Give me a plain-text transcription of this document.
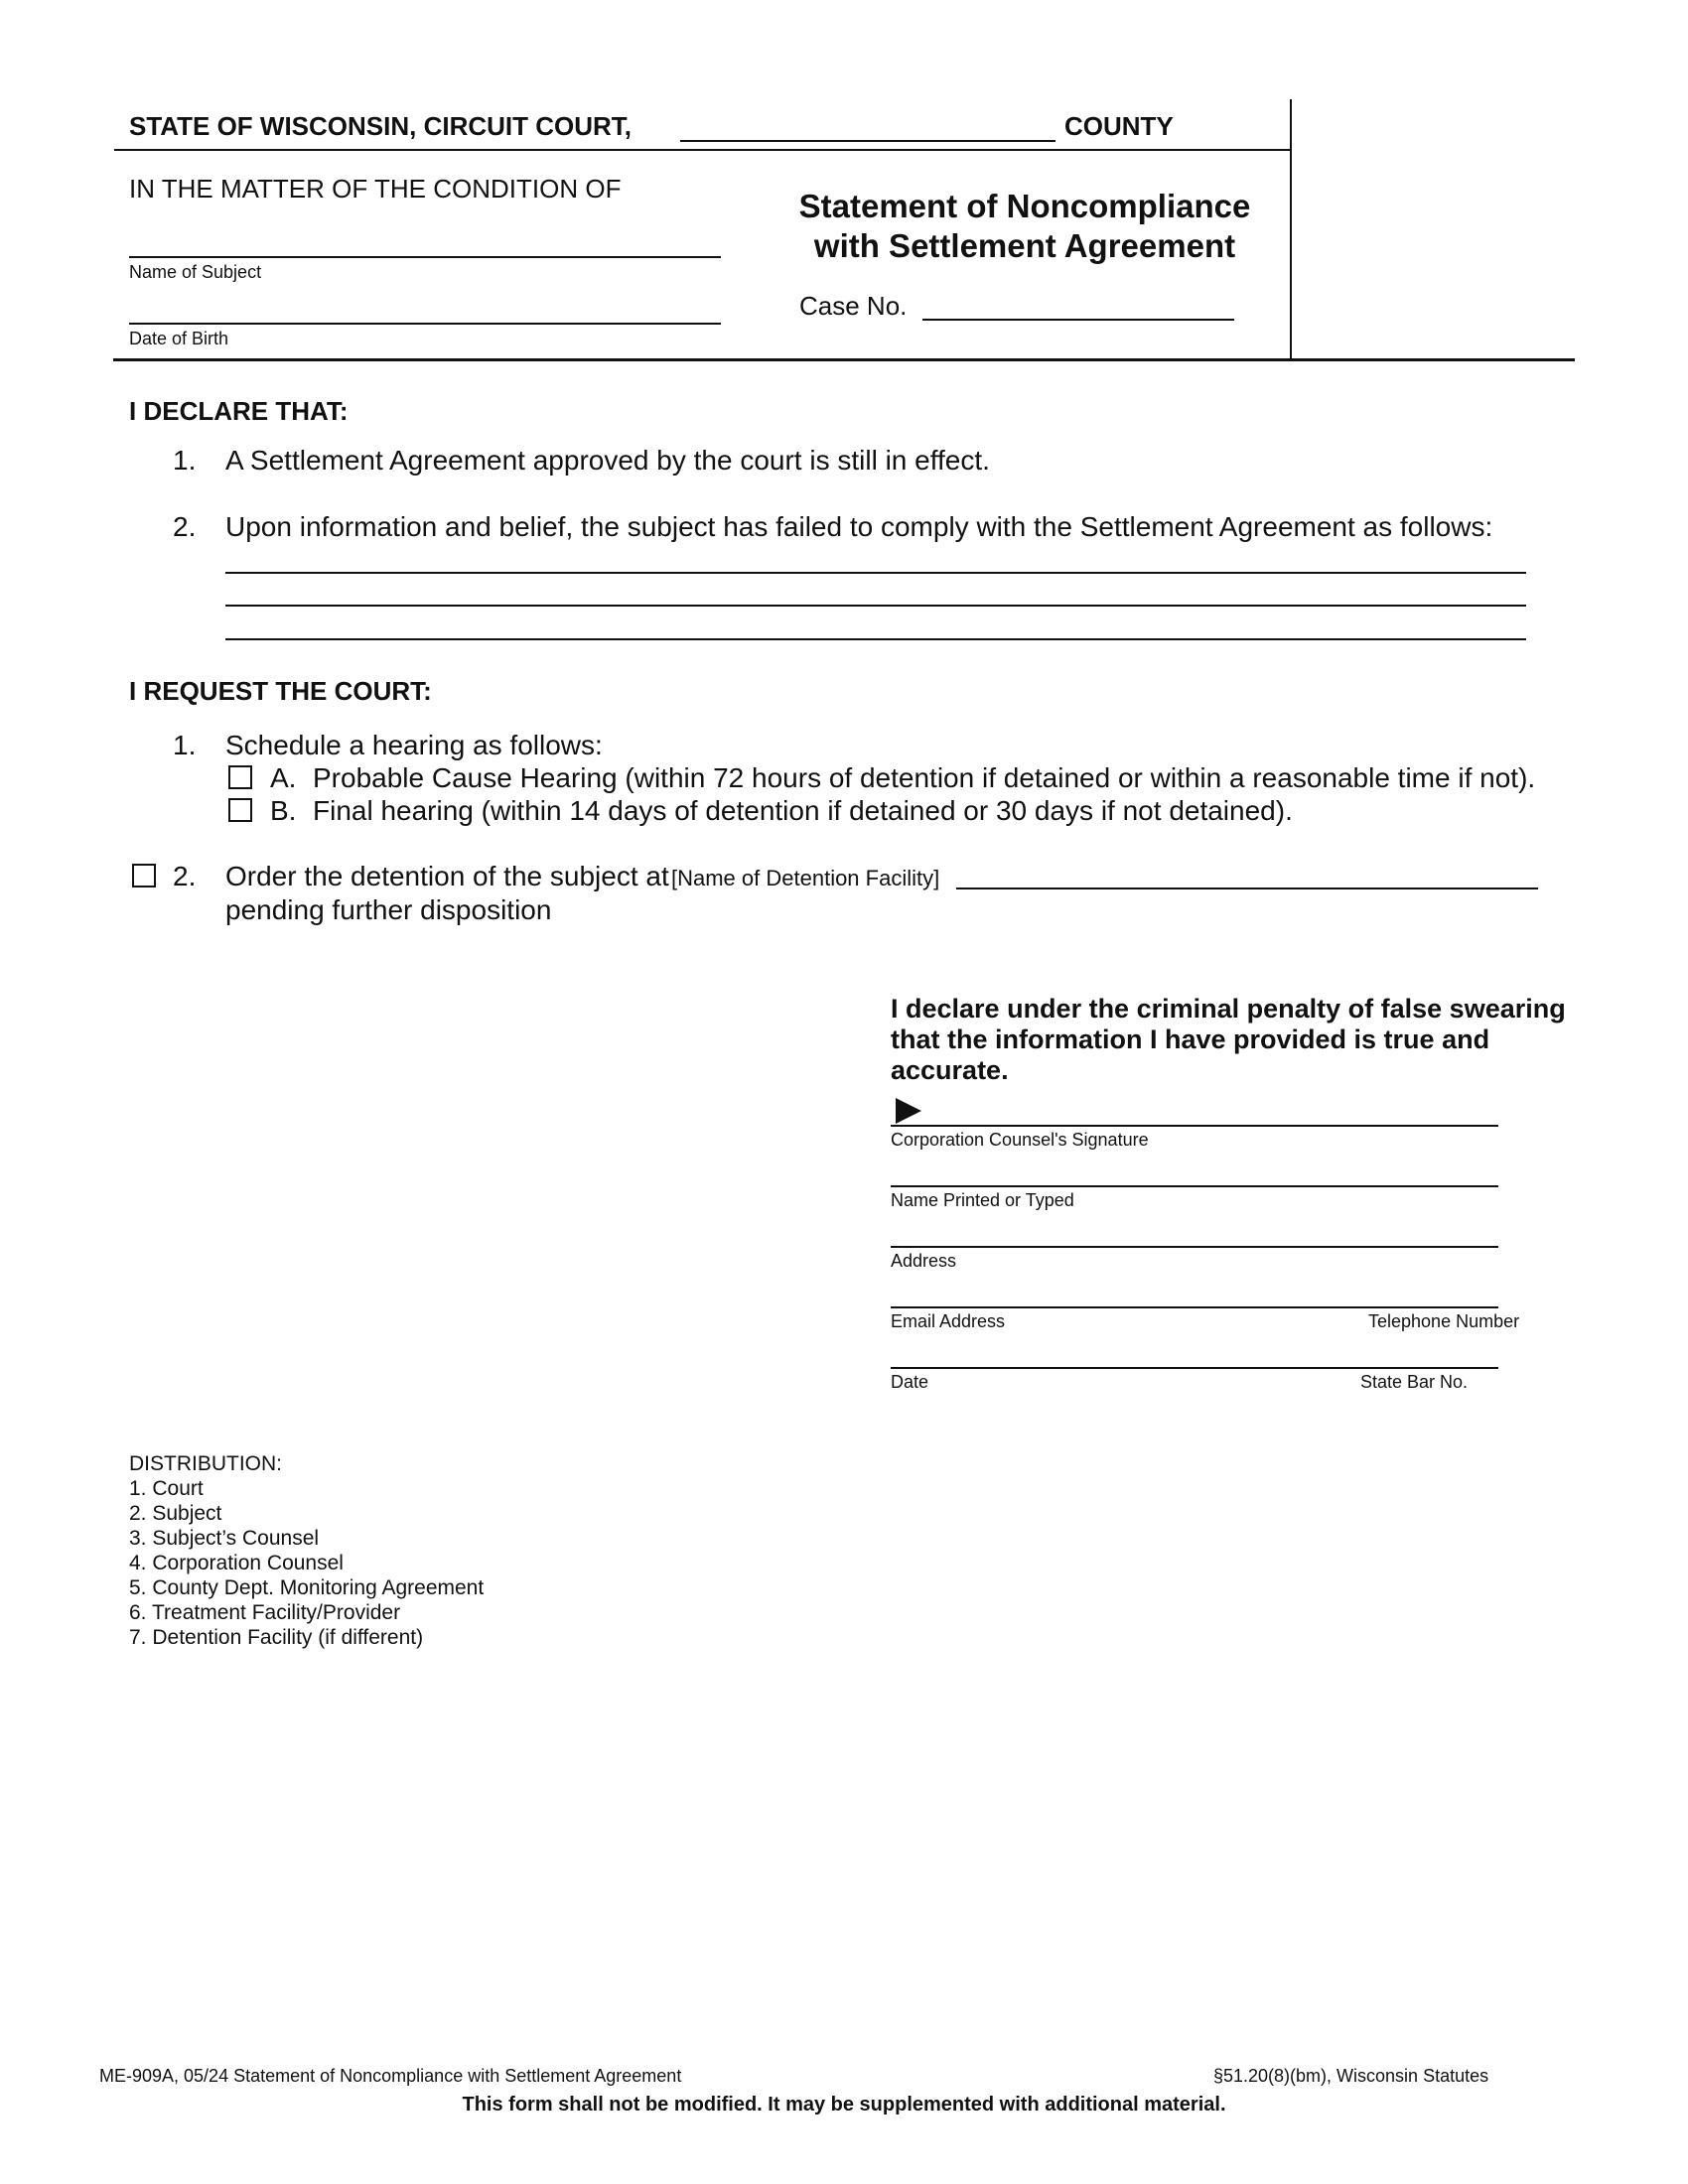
STATE OF WISCONSIN, CIRCUIT COURT,	COUNTY
IN THE MATTER OF THE CONDITION OF
Name of Subject
Date of Birth
Statement of Noncompliance
with Settlement Agreement
Case No.
I DECLARE THAT:
1. A Settlement Agreement approved by the court is still in effect.
2. Upon information and belief, the subject has failed to comply with the Settlement Agreement as follows:
I REQUEST THE COURT:
1. Schedule a hearing as follows:
A. Probable Cause Hearing (within 72 hours of detention if detained or within a reasonable time if not).
B. Final hearing (within 14 days of detention if detained or 30 days if not detained).
2. Order the detention of the subject at [Name of Detention Facility]
pending further disposition
I declare under the criminal penalty of false swearing that the information I have provided is true and accurate.
Corporation Counsel's Signature
Name Printed or Typed
Address
Email Address	Telephone Number
Date	State Bar No.
DISTRIBUTION:
1. Court
2. Subject
3. Subject’s Counsel
4. Corporation Counsel
5. County Dept. Monitoring Agreement
6. Treatment Facility/Provider
7. Detention Facility (if different)
ME-909A, 05/24 Statement of Noncompliance with Settlement Agreement	§51.20(8)(bm), Wisconsin Statutes
This form shall not be modified. It may be supplemented with additional material.
